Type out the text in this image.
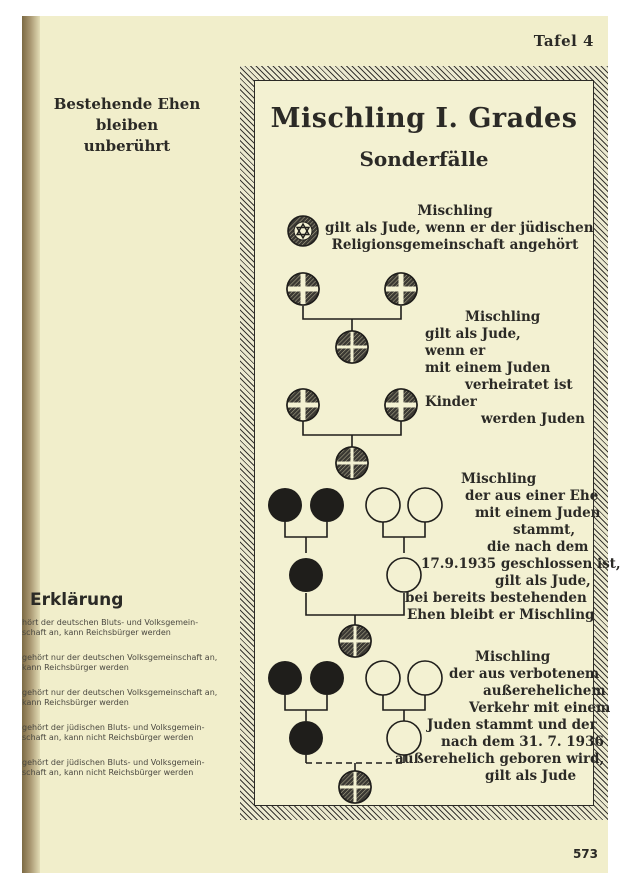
Tafel 4
Bestehende Ehen
bleiben
unberührt
Erklärung
hört der deutschen Bluts- und Volksgemein-
schaft an, kann Reichsbürger werden
gehört nur der deutschen Volksgemeinschaft an,
kann Reichsbürger werden
gehört nur der deutschen Volksgemeinschaft an,
kann Reichsbürger werden
gehört der jüdischen Bluts- und Volksgemein-
schaft an, kann nicht Reichsbürger werden
gehört der jüdischen Bluts- und Volksgemein-
schaft an, kann nicht Reichsbürger werden
573
Mischling I. Grades
Sonderfälle
Mischling
gilt als Jude, wenn er der jüdischen
Religionsgemeinschaft angehört
Mischling
gilt als Jude,
wenn er
mit einem Juden
verheiratet ist
Kinder
werden Juden
Mischling
der aus einer Ehe
mit einem Juden
stammt,
die nach dem
17.9.1935 geschlossen ist,
gilt als Jude,
bei bereits bestehenden
Ehen bleibt er Mischling
Mischling
der aus verbotenem
außerehelichem
Verkehr mit einem
Juden stammt und der
nach dem 31. 7. 1936
außerehelich geboren wird,
gilt als Jude
